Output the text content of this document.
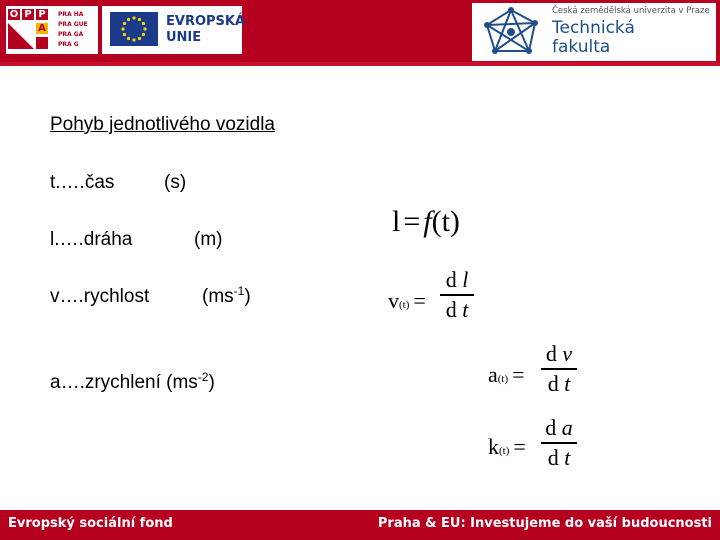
O P P
A
PRA HA
PRA GUE
PRA GA
PRA G
EVROPSKÁ
UNIE
Česká zemědělská univerzita v Praze
Technická
fakulta
Pohyb jednotlivého vozidla
t.….čas	(s)
l.….dráha	(m)
v….rychlost	$(ms^{-1})$
a….zrychlení $(ms^{-2})$
l = f(t)
v(t) =
d l
d t
a(t) =
d v
d t
k(t) =
d a
d t
Evropský sociální fond	Praha & EU: Investujeme do vaší budoucnosti
